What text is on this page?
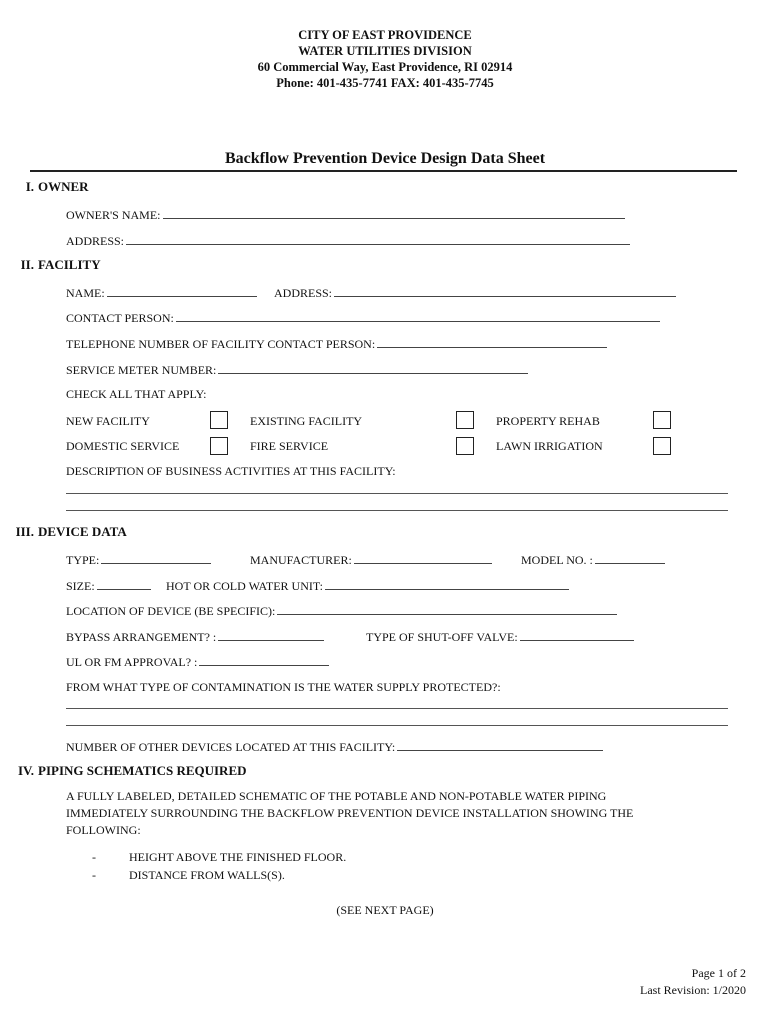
CITY OF EAST PROVIDENCE
WATER UTILITIES DIVISION
60 Commercial Way, East Providence, RI 02914
Phone: 401-435-7741 FAX: 401-435-7745
Backflow Prevention Device Design Data Sheet
I. OWNER
OWNER'S NAME:
ADDRESS:
II. FACILITY
NAME:	ADDRESS:
CONTACT PERSON:
TELEPHONE NUMBER OF FACILITY CONTACT PERSON:
SERVICE METER NUMBER:
CHECK ALL THAT APPLY:
NEW FACILITY	EXISTING FACILITY	PROPERTY REHAB
DOMESTIC SERVICE	FIRE SERVICE	LAWN IRRIGATION
DESCRIPTION OF BUSINESS ACTIVITIES AT THIS FACILITY:
III. DEVICE DATA
TYPE:	MANUFACTURER:	MODEL NO. :
SIZE:	HOT OR COLD WATER UNIT:
LOCATION OF DEVICE (BE SPECIFIC):
BYPASS ARRANGEMENT? :	TYPE OF SHUT-OFF VALVE:
UL OR FM APPROVAL? :
FROM WHAT TYPE OF CONTAMINATION IS THE WATER SUPPLY PROTECTED?:
NUMBER OF OTHER DEVICES LOCATED AT THIS FACILITY:
IV. PIPING SCHEMATICS REQUIRED
A FULLY LABELED, DETAILED SCHEMATIC OF THE POTABLE AND NON-POTABLE WATER PIPING
IMMEDIATELY SURROUNDING THE BACKFLOW PREVENTION DEVICE INSTALLATION SHOWING THE
FOLLOWING:
-	HEIGHT ABOVE THE FINISHED FLOOR.
-	DISTANCE FROM WALLS(S).
(SEE NEXT PAGE)
Page 1 of 2
Last Revision: 1/2020
